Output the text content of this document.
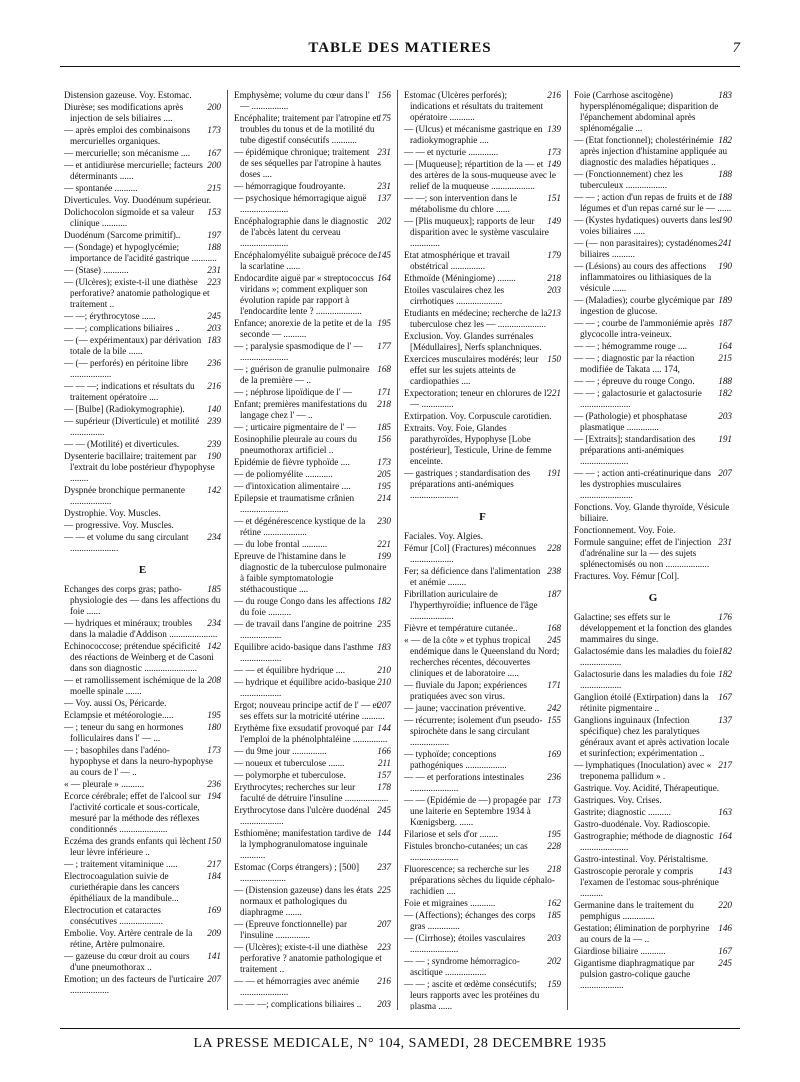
TABLE DES MATIERES	7
Distension gazeuse. Voy. Estomac.
200
Diurèse; ses modifications après injection de sels biliaires ....
173
— après emploi des combinaisons mercurielles organiques.
167
— mercurielle; son mécanisme ....
200
— et antidiurèse mercurielle; facteurs déterminants ......
215
— spontanée ..........
Diverticules. Voy. Duodénum supérieur.
153
Dolichocolon sigmoïde et sa valeur clinique ...........
197
Duodénum (Sarcome primitif)..
188
— (Sondage) et hypoglycémie; importance de l'acidité gastrique ...........
231
— (Stase) ...........
223
— (Ulcères); existe-t-il une diathèse perforative? anatomie pathologique et traitement ..
245
— —; érythrocytose ......
203
— —; complications biliaires ..
183
— (— expérimentaux) par dérivation totale de la bile ......
236
— (— perforés) en péritoine libre ..................
216
— — —; indications et résultats du traitement opératoire ....
140
— [Bulbe] (Radiokymographie).
239
— supérieur (Diverticule) et motilité ...............
239
— — (Motilité) et diverticules.
190
Dysenterie bacillaire; traitement par l'extrait du lobe postérieur d'hypophyse ........
142
Dyspnée bronchique permanente ..................
Dystrophie. Voy. Muscles.
— progressive. Voy. Muscles.
234
— — et volume du sang circulant .....................
E
185
Echanges des corps gras; patho-physiologie des — dans les affections du foie ......
234
— hydriques et minéraux; troubles dans la maladie d'Addison .....................
142
Echinococcose; prétendue spécificité des réactions de Weinberg et de Casoni dans son diagnostic .......................
208
— et ramollissement ischémique de la moelle spinale .......
— Voy. aussi Os, Péricarde.
195
Eclampsie et météorologie.....
180
— ; teneur du sang en hormones folliculaires dans l' — ...
173
— ; basophiles dans l'adéno-hypophyse et dans la neuro-hypophyse au cours de l' — ..
236
« — pleurale » ..........
194
Ecorce cérébrale; effet de l'alcool sur l'activité corticale et sous-corticale, mesuré par la méthode des réflexes conditionnés .....................
150
Eczéma des grands enfants qui lèchent leur lèvre inférieure ..
217
— ; traitement vitaminique .....
184
Electrocoagulation suivie de curiethérapie dans les cancers épithéliaux de la mandibule...
169
Electrocution et cataractes consécutives ...................
209
Embolie. Voy. Artère centrale de la rétine, Artère pulmonaire.
141
— gazeuse du cœur droit au cours d'une pneumothorax ..
207
Emotion; un des facteurs de l'urticaire .................
156
Emphysème; volume du cœur dans l' — ................
175
Encéphalite; traitement par l'atropine et troubles du tonus et de la motilité du tube digestif consécutifs ...........
231
— épidémique chronique; traitement de ses séquelles par l'atropine à hautes doses ....
231
— hémorragique foudroyante.
137
— psychosique hémorragique aiguë .....................
202
Encéphalographie dans le diagnostic de l'abcès latent du cerveau .....................
145
Encéphalomyélite subaiguë précoce de la scarlatine ......
164
Endocardite aiguë par « streptococcus viridans »; comment expliquer son évolution rapide par rapport à l'endocardite lente ? ....................
195
Enfance; anorexie de la petite et de la seconde — ..........
177
— ; paralysie spasmodique de l' — .....................
168
— ; guérison de granulie pulmonaire de la première — ..
171
— ; néphrose lipoïdique de l' —
218
Enfant; premières manifestations du langage chez l' — ..
185
— ; urticaire pigmentaire de l' —
156
Eosinophilie pleurale au cours du pneumothorax artificiel ..
173
Epidémie de fièvre typhoïde ....
205
— de poliomyélite ............
195
— d'intoxication alimentaire ....
214
Epilepsie et traumatisme crânien .....................
230
— et dégénérescence kystique de la rétine ...................
221
— du lobe frontal ...........
199
Epreuve de l'histamine dans le diagnostic de la tuberculose pulmonaire à faible symptomatologie stéthacoustique ....
182
— du rouge Congo dans les affections du foie ..........
235
— de travail dans l'angine de poitrine ..................
183
Equilibre acido-basique dans l'asthme ..................
210
— — et équilibre hydrique ....
210
— hydrique et équilibre acido-basique ..................
207
Ergot; nouveau principe actif de l' — et ses effets sur la motricité utérine ..........
144
Erythème fixe exsudatif provoqué par l'emploi de la phénolphtaléine ...............
166
— du 9me jour ...............
211
— noueux et tuberculose .......
157
— polymorphe et tuberculose.
178
Erythrocytes; recherches sur leur faculté de détruire l'insuline ...................
245
Erythrocytose dans l'ulcère duodénal ...................
144
Esthiomène; manifestation tardive de la lymphogranulomatose inguinale ...........
237
Estomac (Corps étrangers) ; [500] ....................
225
— (Distension gazeuse) dans les états normaux et pathologiques du diaphragme .......
207
— (Epreuve fonctionnelle) par l'insuline ...............
223
— (Ulcères); existe-t-il une diathèse perforative ? anatomie pathologique et traitement ..
216
— — et hémorragies avec anémie .....................
203
— — —; complications biliaires ..
216
Estomac (Ulcères perforés); indications et résultats du traitement opératoire ...........
139
— (Ulcus) et mécanisme gastrique en radiokymographie ....
173
— — et nycturie .............
149
— [Muqueuse]; répartition de la — et des artères de la sous-muqueuse avec le relief de la muqueuse ...................
151
— —; son intervention dans le métabolisme du chlore ......
149
— [Plis muqueux]; rapports de leur disparition avec le système vasculaire .............
179
Etat atmosphérique et travail obstétrical ...............
218
Ethmoïde (Méningiome) ........
203
Etoiles vasculaires chez les cirrhotiques ....................
213
Etudiants en médecine; recherche de la tuberculose chez les — .....................
Exclusion. Voy. Glandes surrénales [Médullaires], Nerfs splanchniques.
150
Exercices musculaires modérés; leur effet sur les sujets atteints de cardiopathies ....
221
Expectoration; teneur en chlorures de l' — ..............
Extirpation. Voy. Corpuscule carotidien.
Extraits. Voy. Foie, Glandes parathyroïdes, Hypophyse [Lobe postérieur], Testicule, Urine de femme enceinte.
191
— gastriques ; standardisation des préparations anti-anémiques .....................
F
Faciales. Voy. Algies.
228
Fémur [Col] (Fractures) méconnues ...................
238
Fer; sa déficience dans l'alimentation et anémie ........
187
Fibrillation auriculaire de l'hyperthyroïdie; influence de l'âge ...................
168
Fièvre et température cutanée..
245
« — de la côte » et typhus tropical endémique dans le Queensland du Nord; recherches récentes, découvertes cliniques et de laboratoire .....
171
— fluviale du Japon; expériences pratiquées avec son virus.
242
— jaune; vaccination préventive.
155
— récurrente; isolement d'un pseudo-spirochète dans le sang circulant .................
169
— typhoïde; conceptions pathogéniques ..................
236
— — et perforations intestinales .....................
173
— — (Epidémie de —) propagée par une laiterie en Septembre 1934 à Kœnigsberg. ......
195
Filariose et sels d'or ........
228
Fistules broncho-cutanées; un cas .....................
218
Fluorescence; sa recherche sur les préparations sèches du liquide céphalo-rachidien ....
162
Foie et migraines ...........
185
— (Affections); échanges des corps gras ..............
203
— (Cirrhose); étoiles vasculaires .....................
202
— — ; syndrome hémorragico-ascitique ..................
159
— — ; ascite et œdème consécutifs; leurs rapports avec les protéines du plasma ......
183
Foie (Carrhose ascitogène) hypersplénomégalique; disparition de l'épanchement abdominal après splénomégalie ...
182
— (Etat fonctionnel); cholestérinémie après injection d'histamine appliquée au diagnostic des maladies hépatiques ..
188
— (Fonctionnement) chez les tuberculeux ..................
188
— — ; action d'un repas de fruits et de légumes et d'un repas carné sur le — ......
190
— (Kystes hydatiques) ouverts dans les voies biliaires .....
241
— (— non parasitaires); cystadénomes biliaires ..........
190
— (Lésions) au cours des affections inflammatoires ou lithiasiques de la vésicule ......
189
— (Maladies); courbe glycémique par ingestion de glucose.
187
— — ; courbe de l'ammoniémie après glycocolle intra-veineux.
164
— — ; hémogramme rouge ....
215
— — ; diagnostic par la réaction modifiée de Takata .... 174,
188
— — ; épreuve du rouge Congo.
182
— — ; galactosurie et galactosurie ......................
203
— (Pathologie) et phosphatase plasmatique ..............
191
— [Extraits]; standardisation des préparations anti-anémiques .....................
207
— — ; action anti-créatinurique dans les dystrophies musculaires .......................
Fonctions. Voy. Glande thyroïde, Vésicule biliaire.
Fonctionnement. Voy. Foie.
231
Formule sanguine; effet de l'injection d'adrénaline sur la — des sujets splénectomisés ou non ...................
Fractures. Voy. Fémur [Col].
G
176
Galactine; ses effets sur le développement et la fonction des glandes mammaires du singe.
182
Galactosémie dans les maladies du foie ..................
182
Galactosurie dans les maladies du foie ..................
167
Ganglion étoilé (Extirpation) dans la rétinite pigmentaire ..
137
Ganglions inguinaux (Infection spécifique) chez les paralytiques généraux avant et après activation locale et surinfection; expérimentation ..
217
— lymphatiques (Inoculation) avec « treponema pallidum » .
Gastrique. Voy. Acidité, Thérapeutique.
Gastriques. Voy. Crises.
163
Gastrite; diagnostic ..........
Gastro-duodénale. Voy. Radioscopie.
164
Gastrographie; méthode de diagnostic .....................
Gastro-intestinal. Voy. Péristaltisme.
143
Gastroscopie perorale y compris l'examen de l'estomac sous-phrénique ..........
220
Germanine dans le traitement du pemphigus ..............
146
Gestation; élimination de porphyrine au cours de la — ..
167
Giardiose biliaire ...........
245
Gigantisme diaphragmatique par pulsion gastro-colique gauche ...................
LA PRESSE MEDICALE, N° 104, SAMEDI, 28 DECEMBRE 1935
